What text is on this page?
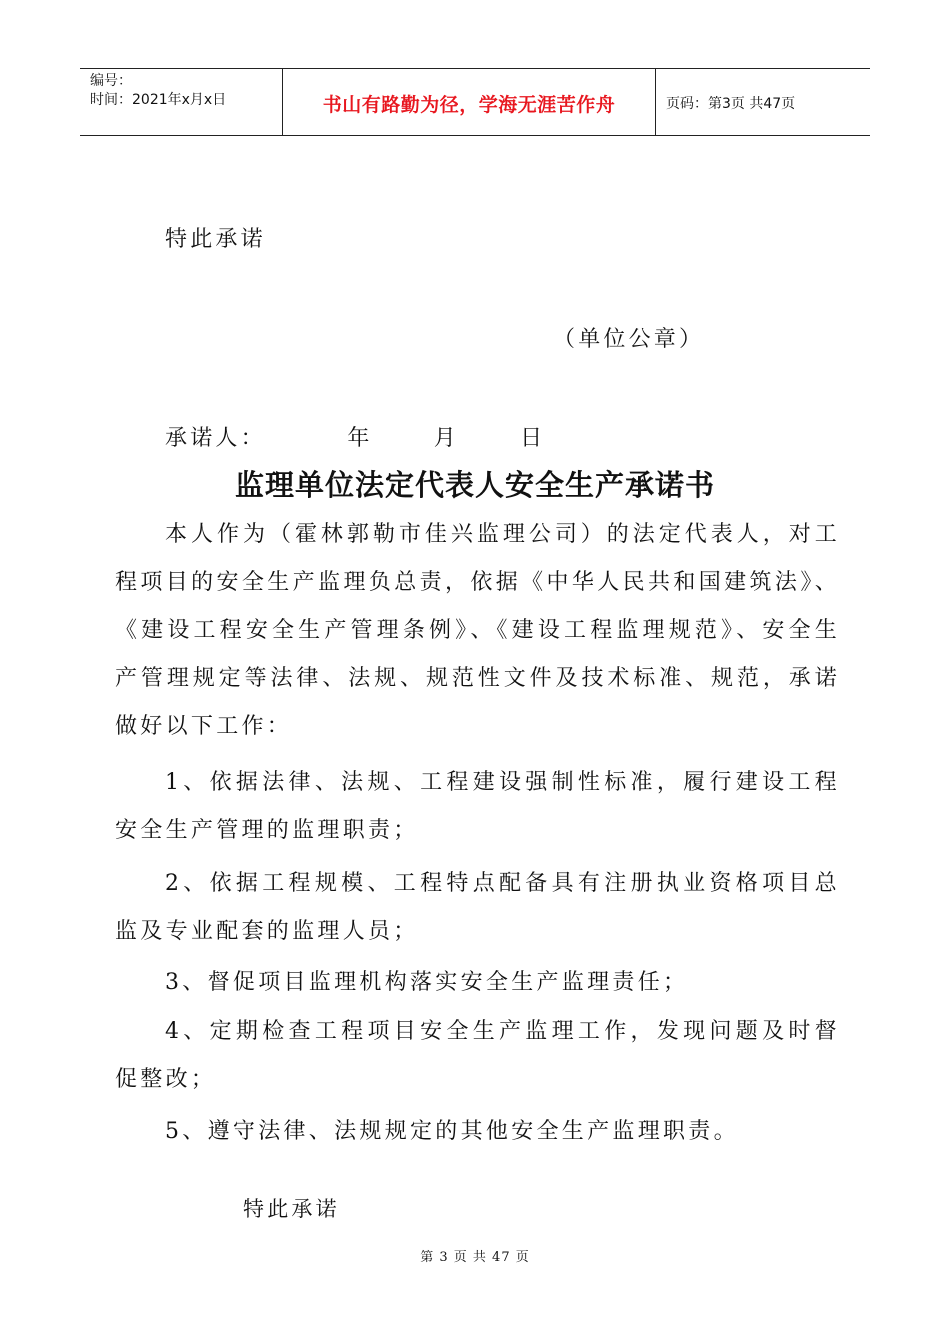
编号：
时间：2021年x月x日	书山有路勤为径，学海无涯苦作舟	页码：第3页 共47页
特此承诺
（单位公章）
承诺人：        年      月      日
监理单位法定代表人安全生产承诺书
本人作为（霍林郭勒市佳兴监理公司）的法定代表人，对工程项目的安全生产监理负总责，依据《中华人民共和国建筑法》、《建设工程安全生产管理条例》、《建设工程监理规范》、安全生产管理规定等法律、法规、规范性文件及技术标准、规范，承诺做好以下工作：
1、依据法律、法规、工程建设强制性标准，履行建设工程安全生产管理的监理职责；
2、依据工程规模、工程特点配备具有注册执业资格项目总监及专业配套的监理人员；
3、督促项目监理机构落实安全生产监理责任；
4、定期检查工程项目安全生产监理工作，发现问题及时督促整改；
5、遵守法律、法规规定的其他安全生产监理职责。
特此承诺
第 3 页 共 47 页
